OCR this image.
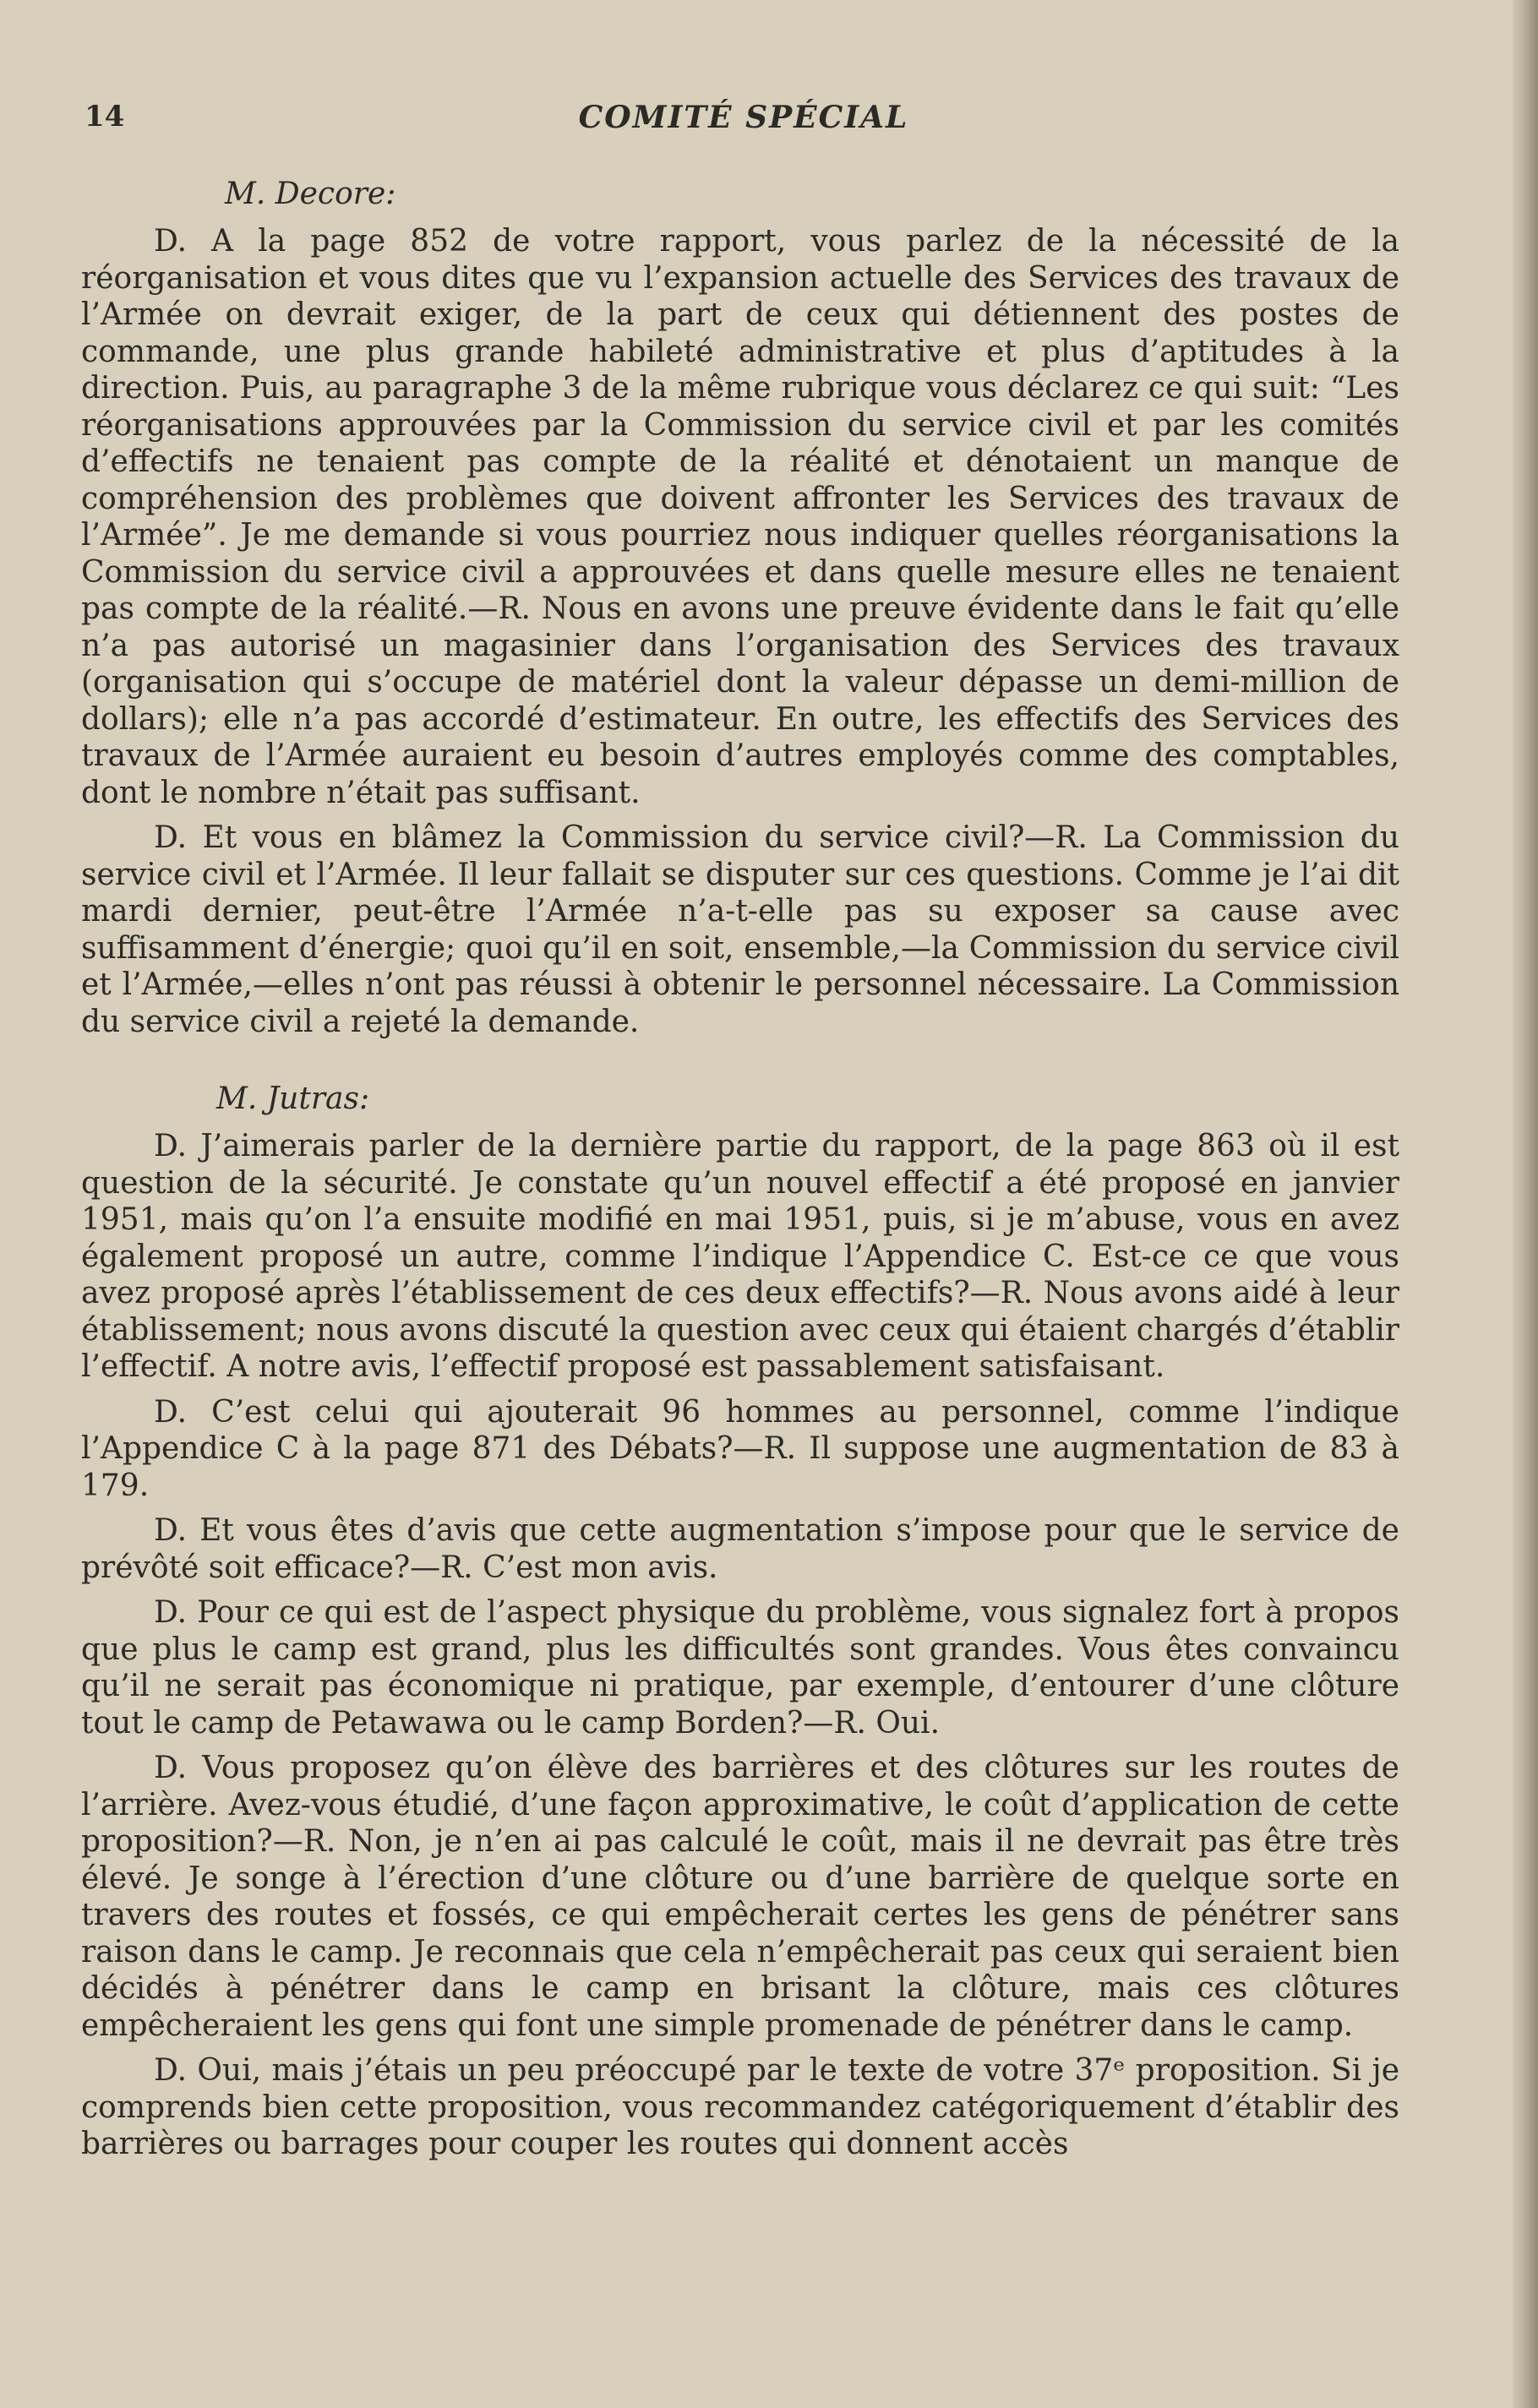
14	COMITÉ SPÉCIAL
M. Decore:

D. A la page 852 de votre rapport, vous parlez de la nécessité de la réorganisation et vous dites que vu l’expansion actuelle des Services des travaux de l’Armée on devrait exiger, de la part de ceux qui détiennent des postes de commande, une plus grande habileté administrative et plus d’aptitudes à la direction. Puis, au paragraphe 3 de la même rubrique vous déclarez ce qui suit: “Les réorganisations approuvées par la Commission du service civil et par les comités d’effectifs ne tenaient pas compte de la réalité et dénotaient un manque de compréhension des problèmes que doivent affronter les Services des travaux de l’Armée”. Je me demande si vous pourriez nous indiquer quelles réorganisations la Commission du service civil a approuvées et dans quelle mesure elles ne tenaient pas compte de la réalité.—R. Nous en avons une preuve évidente dans le fait qu’elle n’a pas autorisé un magasinier dans l’organisation des Services des travaux (organisation qui s’occupe de matériel dont la valeur dépasse un demi-million de dollars); elle n’a pas accordé d’estimateur. En outre, les effectifs des Services des travaux de l’Armée auraient eu besoin d’autres employés comme des comptables, dont le nombre n’était pas suffisant.

D. Et vous en blâmez la Commission du service civil?—R. La Commission du service civil et l’Armée. Il leur fallait se disputer sur ces questions. Comme je l’ai dit mardi dernier, peut-être l’Armée n’a-t-elle pas su exposer sa cause avec suffisamment d’énergie; quoi qu’il en soit, ensemble,—la Commission du service civil et l’Armée,—elles n’ont pas réussi à obtenir le personnel nécessaire. La Commission du service civil a rejeté la demande.

M. Jutras:

D. J’aimerais parler de la dernière partie du rapport, de la page 863 où il est question de la sécurité. Je constate qu’un nouvel effectif a été proposé en janvier 1951, mais qu’on l’a ensuite modifié en mai 1951, puis, si je m’abuse, vous en avez également proposé un autre, comme l’indique l’Appendice C. Est-ce ce que vous avez proposé après l’établissement de ces deux effectifs?—R. Nous avons aidé à leur établissement; nous avons discuté la question avec ceux qui étaient chargés d’établir l’effectif. A notre avis, l’effectif proposé est passablement satisfaisant.

D. C’est celui qui ajouterait 96 hommes au personnel, comme l’indique l’Appendice C à la page 871 des Débats?—R. Il suppose une augmentation de 83 à 179.

D. Et vous êtes d’avis que cette augmentation s’impose pour que le service de prévôté soit efficace?—R. C’est mon avis.

D. Pour ce qui est de l’aspect physique du problème, vous signalez fort à propos que plus le camp est grand, plus les difficultés sont grandes. Vous êtes convaincu qu’il ne serait pas économique ni pratique, par exemple, d’entourer d’une clôture tout le camp de Petawawa ou le camp Borden?—R. Oui.

D. Vous proposez qu’on élève des barrières et des clôtures sur les routes de l’arrière. Avez-vous étudié, d’une façon approximative, le coût d’application de cette proposition?—R. Non, je n’en ai pas calculé le coût, mais il ne devrait pas être très élevé. Je songe à l’érection d’une clôture ou d’une barrière de quelque sorte en travers des routes et fossés, ce qui empêcherait certes les gens de pénétrer sans raison dans le camp. Je reconnais que cela n’empêcherait pas ceux qui seraient bien décidés à pénétrer dans le camp en brisant la clôture, mais ces clôtures empêcheraient les gens qui font une simple promenade de pénétrer dans le camp.

D. Oui, mais j’étais un peu préoccupé par le texte de votre 37ᵉ proposition. Si je comprends bien cette proposition, vous recommandez catégoriquement d’établir des barrières ou barrages pour couper les routes qui donnent accès
